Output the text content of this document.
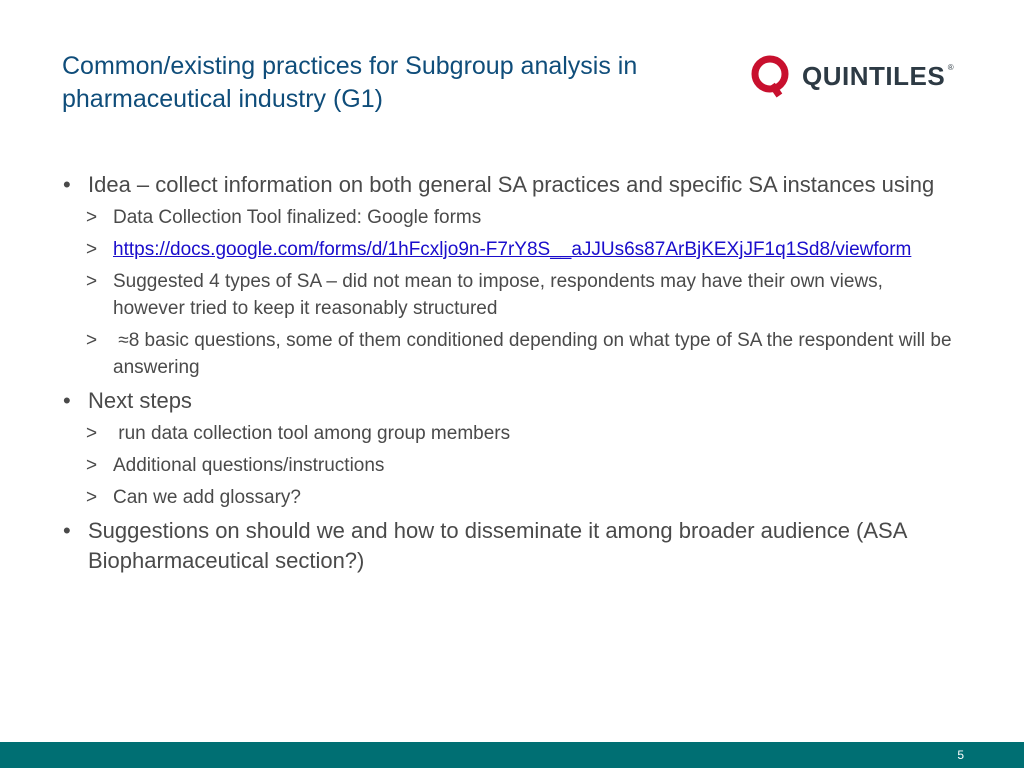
Common/existing practices for Subgroup analysis in pharmaceutical industry (G1)
QUINTILES ®
• Idea – collect information on both general SA practices and specific SA instances using
> Data Collection Tool finalized: Google forms
> https://docs.google.com/forms/d/1hFcxljo9n-F7rY8S__aJJUs6s87ArBjKEXjJF1q1Sd8/viewform
> Suggested 4 types of SA – did not mean to impose, respondents may have their own views, however tried to keep it reasonably structured
> ≈8 basic questions, some of them conditioned depending on what type of SA the respondent will be answering
• Next steps
> run data collection tool among group members
> Additional questions/instructions
> Can we add glossary?
• Suggestions on should we and how to disseminate it among broader audience (ASA Biopharmaceutical section?)
5
